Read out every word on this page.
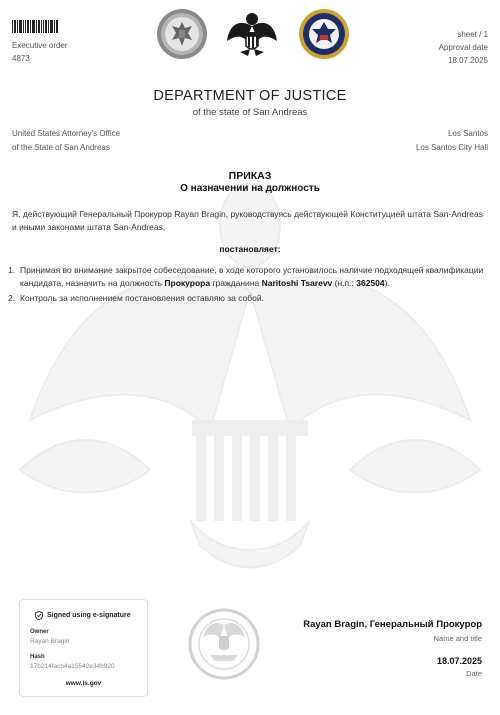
Executive order
4873
sheet / 1
Approval date
18.07.2025
DEPARTMENT OF JUSTICE
of the state of San Andreas
United States Attorney's Office
of the State of San Andreas
Los Santos
Los Santos City Hall
ПРИКАЗ
О назначении на должность
Я, действующий Генеральный Прокурор Rayan Bragin, руководствуясь действующей Конституцией штата San-Andreas и иными законами штата San-Andreas,
постановляет:
1. Принимая во внимание закрытое собеседование, в ходе которого установилось наличие подходящей квалификации кандидата, назначить на должность Прокурора гражданина Naritoshi Tsarevv (н.п.: 362504).
2. Контроль за исполнением постановления оставляю за собой.
Signed using e-signature
Owner
Rayan Bragin
Hash
17b214facb4a15542e34b920
www.ls.gov
Rayan Bragin, Генеральный Прокурор
Name and title
18.07.2025
Date
